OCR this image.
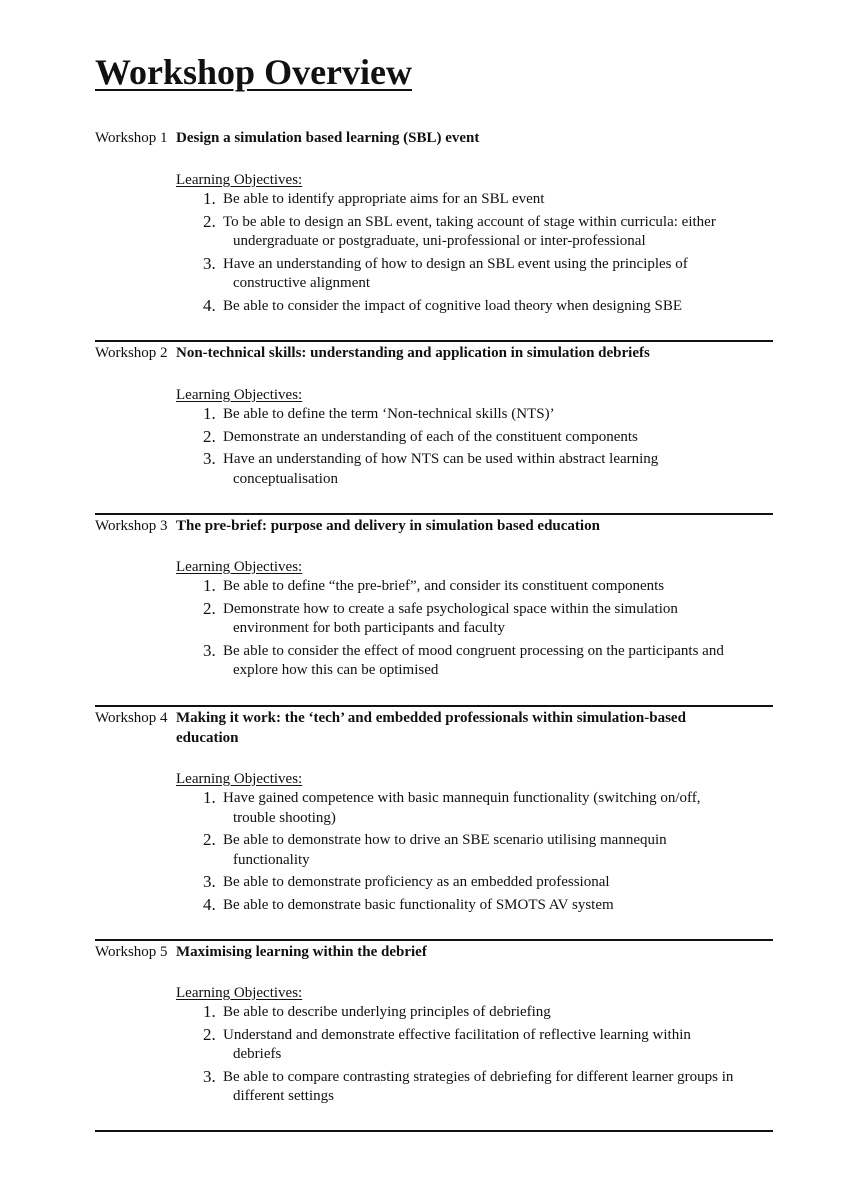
Workshop Overview
Workshop 1 Design a simulation based learning (SBL) event
Learning Objectives:
1. Be able to identify appropriate aims for an SBL event
2. To be able to design an SBL event, taking account of stage within curricula: either
undergraduate or postgraduate, uni-professional or inter-professional
3. Have an understanding of how to design an SBL event using the principles of
constructive alignment
4. Be able to consider the impact of cognitive load theory when designing SBE
Workshop 2 Non-technical skills: understanding and application in simulation debriefs
Learning Objectives:
1. Be able to define the term ‘Non-technical skills (NTS)’
2. Demonstrate an understanding of each of the constituent components
3. Have an understanding of how NTS can be used within abstract learning
conceptualisation
Workshop 3 The pre-brief: purpose and delivery in simulation based education
Learning Objectives:
1. Be able to define “the pre-brief”, and consider its constituent components
2. Demonstrate how to create a safe psychological space within the simulation
environment for both participants and faculty
3. Be able to consider the effect of mood congruent processing on the participants and
explore how this can be optimised
Workshop 4 Making it work: the ‘tech’ and embedded professionals within simulation-based education
Learning Objectives:
1. Have gained competence with basic mannequin functionality (switching on/off,
trouble shooting)
2. Be able to demonstrate how to drive an SBE scenario utilising mannequin
functionality
3. Be able to demonstrate proficiency as an embedded professional
4. Be able to demonstrate basic functionality of SMOTS AV system
Workshop 5 Maximising learning within the debrief
Learning Objectives:
1. Be able to describe underlying principles of debriefing
2. Understand and demonstrate effective facilitation of reflective learning within
debriefs
3. Be able to compare contrasting strategies of debriefing for different learner groups in
different settings
